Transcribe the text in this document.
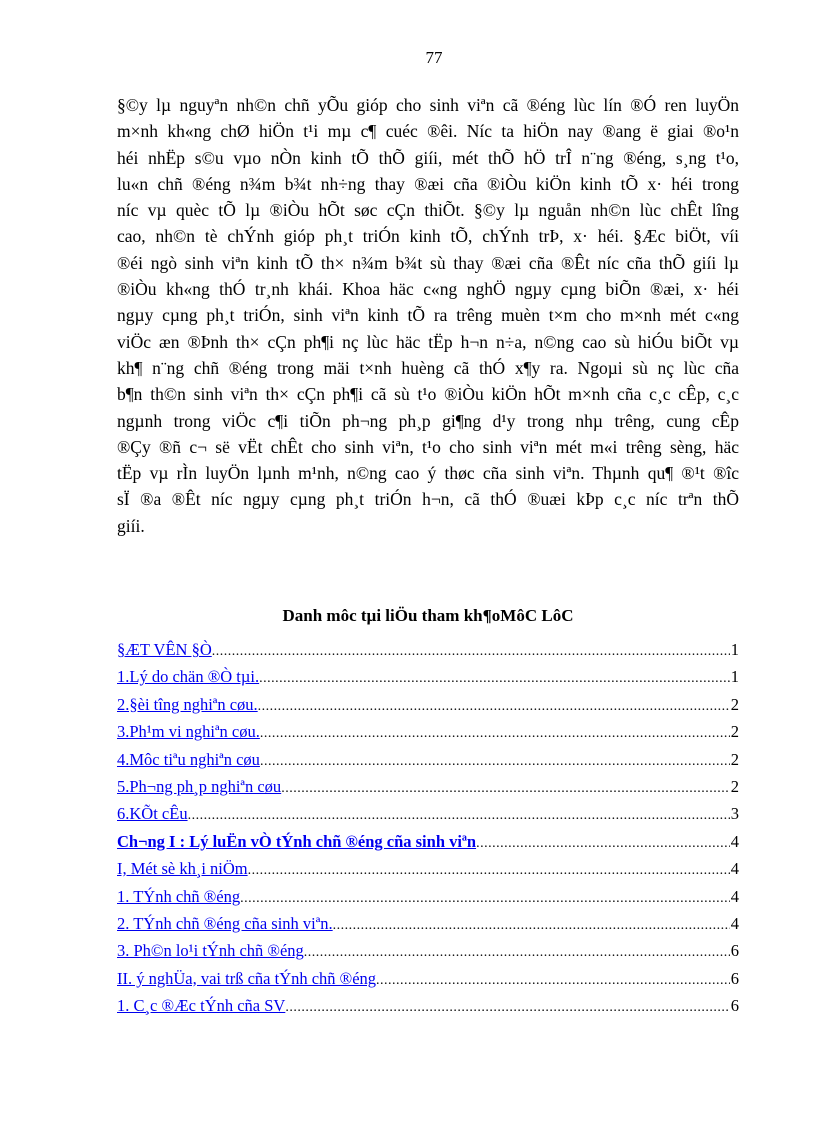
77
§©y lµ nguyªn nh©n chñ yÕu gióp cho sinh viªn cã ®éng lùc lín ®Ó ren luyÖn
m×nh kh«ng chØ hiÖn t¹i mµ c¶ cuéc ®êi. Níc ta hiÖn nay ®ang ë giai ®o¹n
héi nhËp s©u vµo nÒn kinh tÕ thÕ giíi, mét thÕ hÖ trÎ n¨ng ®éng, s¸ng t¹o,
lu«n chñ ®éng n¾m b¾t nh÷ng thay ®æi cña ®iÒu kiÖn kinh tÕ x· héi trong
níc vµ quèc tÕ lµ ®iÒu hÕt søc cÇn thiÕt. §©y lµ nguån nh©n lùc chÊt lîng
cao, nh©n tè chÝnh gióp ph¸t triÓn kinh tÕ, chÝnh trÞ, x· héi. §Æc biÖt, víi
®éi ngò sinh viªn kinh tÕ th× n¾m b¾t sù thay ®æi cña ®Êt níc cña thÕ giíi lµ
®iÒu kh«ng thÓ tr¸nh khái. Khoa häc c«ng nghÖ ngµy cµng biÕn ®æi, x· héi
ngµy cµng ph¸t triÓn, sinh viªn kinh tÕ ra trêng muèn t×m cho m×nh mét c«ng
viÖc æn ®Þnh th× cÇn ph¶i nç lùc häc tËp h¬n n÷a, n©ng cao sù hiÓu biÕt vµ
kh¶ n¨ng chñ ®éng trong mäi t×nh huèng cã thÓ x¶y ra. Ngoµi sù nç lùc cña
b¶n th©n sinh viªn th× cÇn ph¶i cã sù t¹o ®iÒu kiÖn hÕt m×nh cña c¸c cÊp, c¸c
ngµnh trong viÖc c¶i tiÕn ph¬ng ph¸p gi¶ng d¹y trong nhµ trêng, cung cÊp
®Çy ®ñ c¬ së vËt chÊt cho sinh viªn, t¹o cho sinh viªn mét m«i trêng sèng, häc
tËp vµ rÌn luyÖn lµnh m¹nh, n©ng cao ý thøc cña sinh viªn. Thµnh qu¶ ®¹t ®îc
sÏ ®a ®Êt níc ngµy cµng ph¸t triÓn h¬n, cã thÓ ®uæi kÞp c¸c níc trªn thÕ
giíi.
Danh môc tµi liÖu tham kh¶oMôC LôC
§ÆT VÊN §Ò .....	1
1.Lý do chän ®Ò tµi. .....	1
2.§èi tîng nghiªn cøu. .....	2
3.Ph¹m vi nghiªn cøu. .....	2
4.Môc tiªu nghiªn cøu .....	2
5.Ph¬ng ph¸p nghiªn cøu .....	2
6.KÕt cÊu .....	3
Ch¬ng I : Lý luËn vÒ tÝnh chñ ®éng cña sinh viªn .....	4
I, Mét sè kh¸i niÖm .....	4
1. TÝnh chñ ®éng .....	4
2. TÝnh chñ ®éng cña sinh viªn. .....	4
3. Ph©n lo¹i tÝnh chñ ®éng .....	6
II. ý nghÜa, vai trß cña tÝnh chñ ®éng .....	6
1. C¸c ®Æc tÝnh cña SV .....	6
